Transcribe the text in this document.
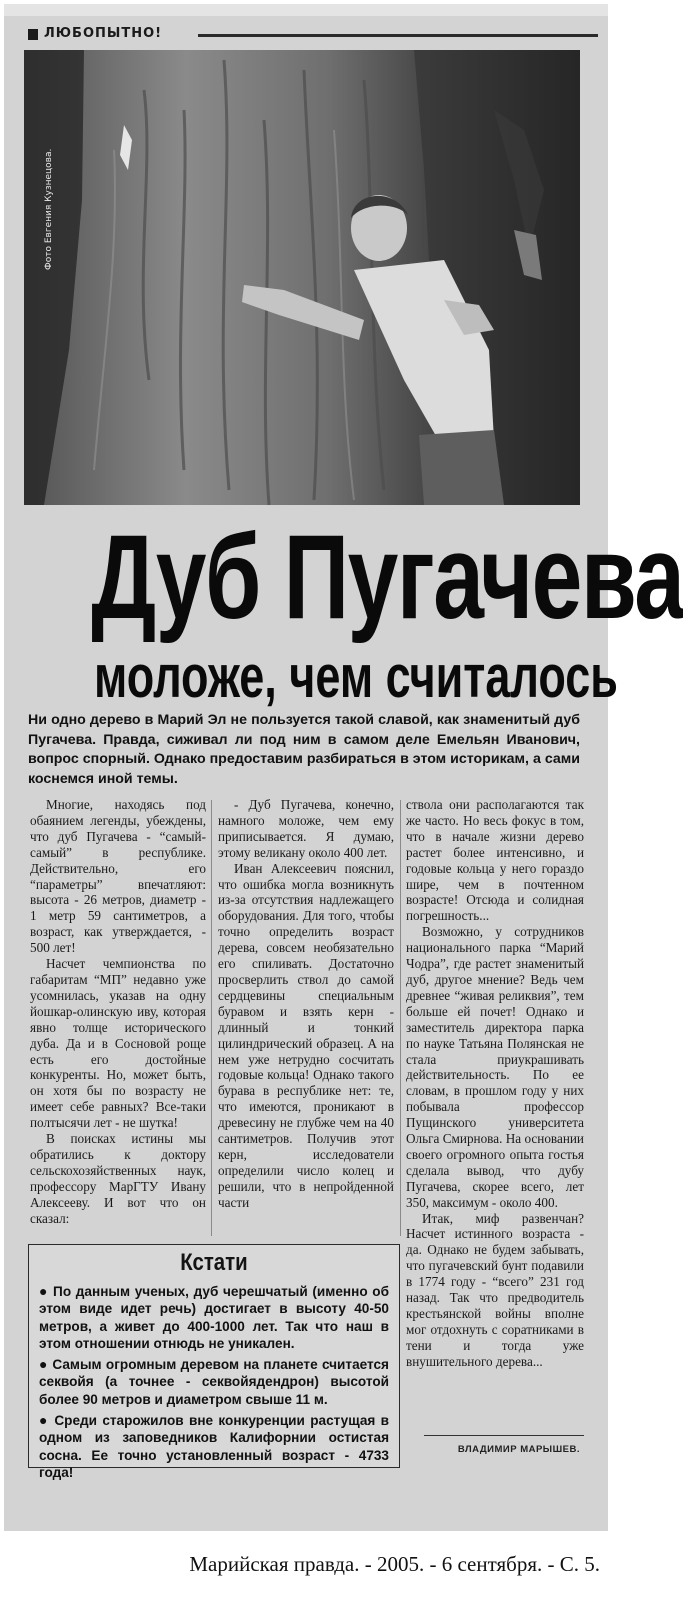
ЛЮБОПЫТНО!
Фото Евгения Кузнецова.
Дуб Пугачева
моложе, чем считалось
Ни одно дерево в Марий Эл не пользуется такой славой, как знаменитый дуб Пугачева. Правда, сиживал ли под ним в самом деле Емельян Иванович, вопрос спорный. Однако предоставим разбираться в этом историкам, а сами коснемся иной темы.

Многие, находясь под обаянием легенды, убеждены, что дуб Пугачева - “самый-самый” в республике. Действительно, его “параметры” впечатляют: высота - 26 метров, диаметр - 1 метр 59 сантиметров, а возраст, как утверждается, - 500 лет!

Насчет чемпионства по габаритам “МП” недавно уже усомнилась, указав на одну йошкар-олинскую иву, которая явно толще исторического дуба. Да и в Сосновой роще есть его достойные конкуренты. Но, может быть, он хотя бы по возрасту не имеет себе равных? Все-таки полтысячи лет - не шутка!

В поисках истины мы обратились к доктору сельскохозяйственных наук, профессору МарГТУ Ивану Алексееву. И вот что он сказал:

- Дуб Пугачева, конечно, намного моложе, чем ему приписывается. Я думаю, этому великану около 400 лет.

Иван Алексеевич пояснил, что ошибка могла возникнуть из-за отсутствия надлежащего оборудования. Для того, чтобы точно определить возраст дерева, совсем необязательно его спиливать. Достаточно просверлить ствол до самой сердцевины специальным буравом и взять керн - длинный и тонкий цилиндрический образец. А на нем уже нетрудно сосчитать годовые кольца! Однако такого бурава в республике нет: те, что имеются, проникают в древесину не глубже чем на 40 сантиметров. Получив этот керн, исследователи определили число колец и решили, что в непройденной части

ствола они располагаются так же часто. Но весь фокус в том, что в начале жизни дерево растет более интенсивно, и годовые кольца у него гораздо шире, чем в почтенном возрасте! Отсюда и солидная погрешность...

Возможно, у сотрудников национального парка “Марий Чодра”, где растет знаменитый дуб, другое мнение? Ведь чем древнее “живая реликвия”, тем больше ей почет! Однако и заместитель директора парка по науке Татьяна Полянская не стала приукрашивать действительность. По ее словам, в прошлом году у них побывала профессор Пущинского университета Ольга Смирнова. На основании своего огромного опыта гостья сделала вывод, что дубу Пугачева, скорее всего, лет 350, максимум - около 400.

Итак, миф развенчан? Насчет истинного возраста - да. Однако не будем забывать, что пугачевский бунт подавили в 1774 году - “всего” 231 год назад. Так что предводитель крестьянской войны вполне мог отдохнуть с соратниками в тени и тогда уже внушительного дерева...

Кстати
● По данным ученых, дуб черешчатый (именно об этом виде идет речь) достигает в высоту 40-50 метров, а живет до 400-1000 лет. Так что наш в этом отношении отнюдь не уникален.
● Самым огромным деревом на планете считается секвойя (а точнее - секвойядендрон) высотой более 90 метров и диаметром свыше 11 м.
● Среди старожилов вне конкуренции растущая в одном из заповедников Калифорнии остистая сосна. Ее точно установленный возраст - 4733 года!
ВЛАДИМИР МАРЫШЕВ.
Марийская правда. - 2005. - 6 сентября. - С. 5.
